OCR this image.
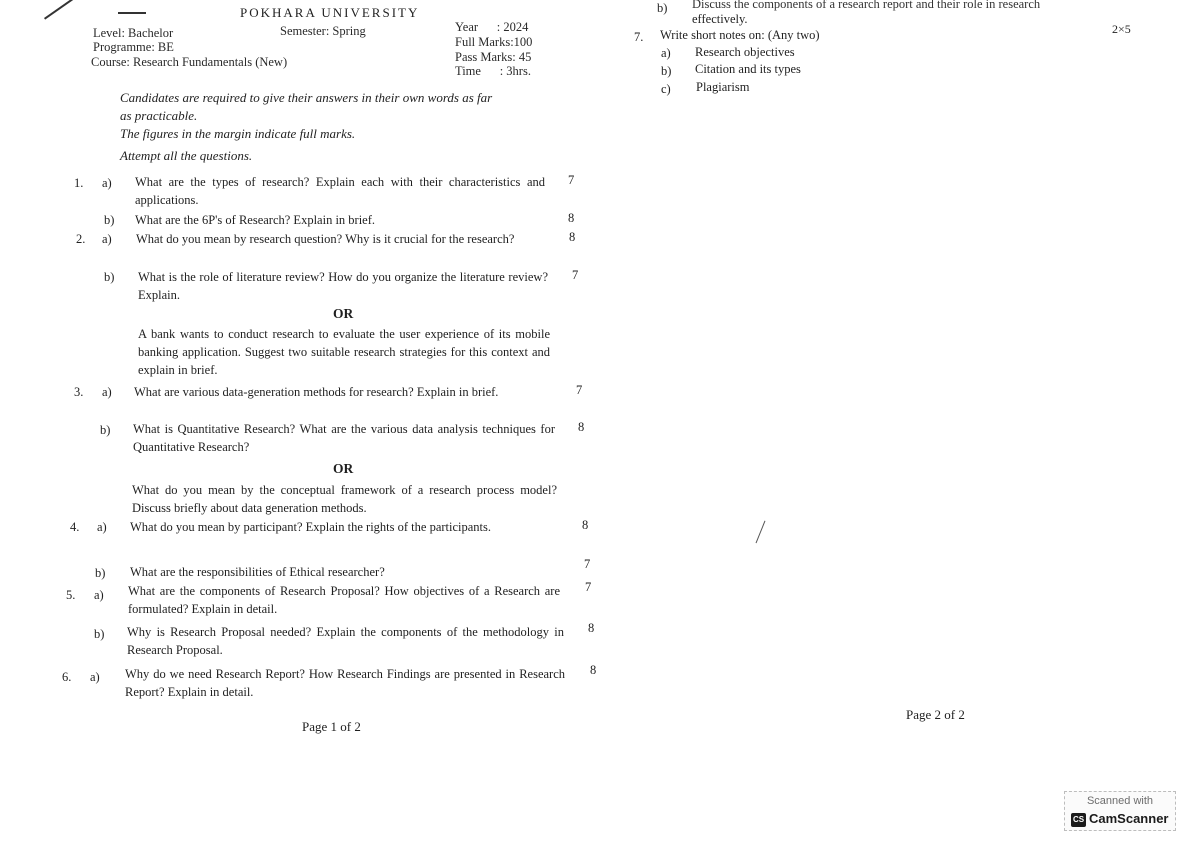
POKHARA UNIVERSITY
Level: Bachelor	Semester: Spring
Programme: BE
Course: Research Fundamentals (New)
Year      : 2024
Full Marks:100
Pass Marks: 45
Time      : 3hrs.
Candidates are required to give their answers in their own words as far
as practicable.
The figures in the margin indicate full marks.
Attempt all the questions.
1. a) What are the types of research? Explain each with their characteristics and applications.
7
b) What are the 6P's of Research? Explain in brief.	8
2. a) What do you mean by research question? Why is it crucial for the research?	8
b) What is the role of literature review? How do you organize the literature review? Explain.
7
OR
A bank wants to conduct research to evaluate the user experience of its mobile banking application. Suggest two suitable research strategies for this context and explain in brief.
3. a) What are various data-generation methods for research? Explain in brief.	7
b) What is Quantitative Research? What are the various data analysis techniques for Quantitative Research?
8
OR
What do you mean by the conceptual framework of a research process model? Discuss briefly about data generation methods.
4. a) What do you mean by participant? Explain the rights of the participants.	8
b) What are the responsibilities of Ethical researcher?
7
5. a) What are the components of Research Proposal? How objectives of a Research are formulated? Explain in detail.
7
b) Why is Research Proposal needed? Explain the components of the methodology in Research Proposal.
8
6. a) Why do we need Research Report? How Research Findings are presented in Research Report? Explain in detail.
8
Page 1 of 2
b) Discuss the components of a research report and their role in research
effectively.
7. Write short notes on: (Any two)	2×5
a) Research objectives
b) Citation and its types
c) Plagiarism
Page 2 of 2
Scanned with
CS CamScanner
